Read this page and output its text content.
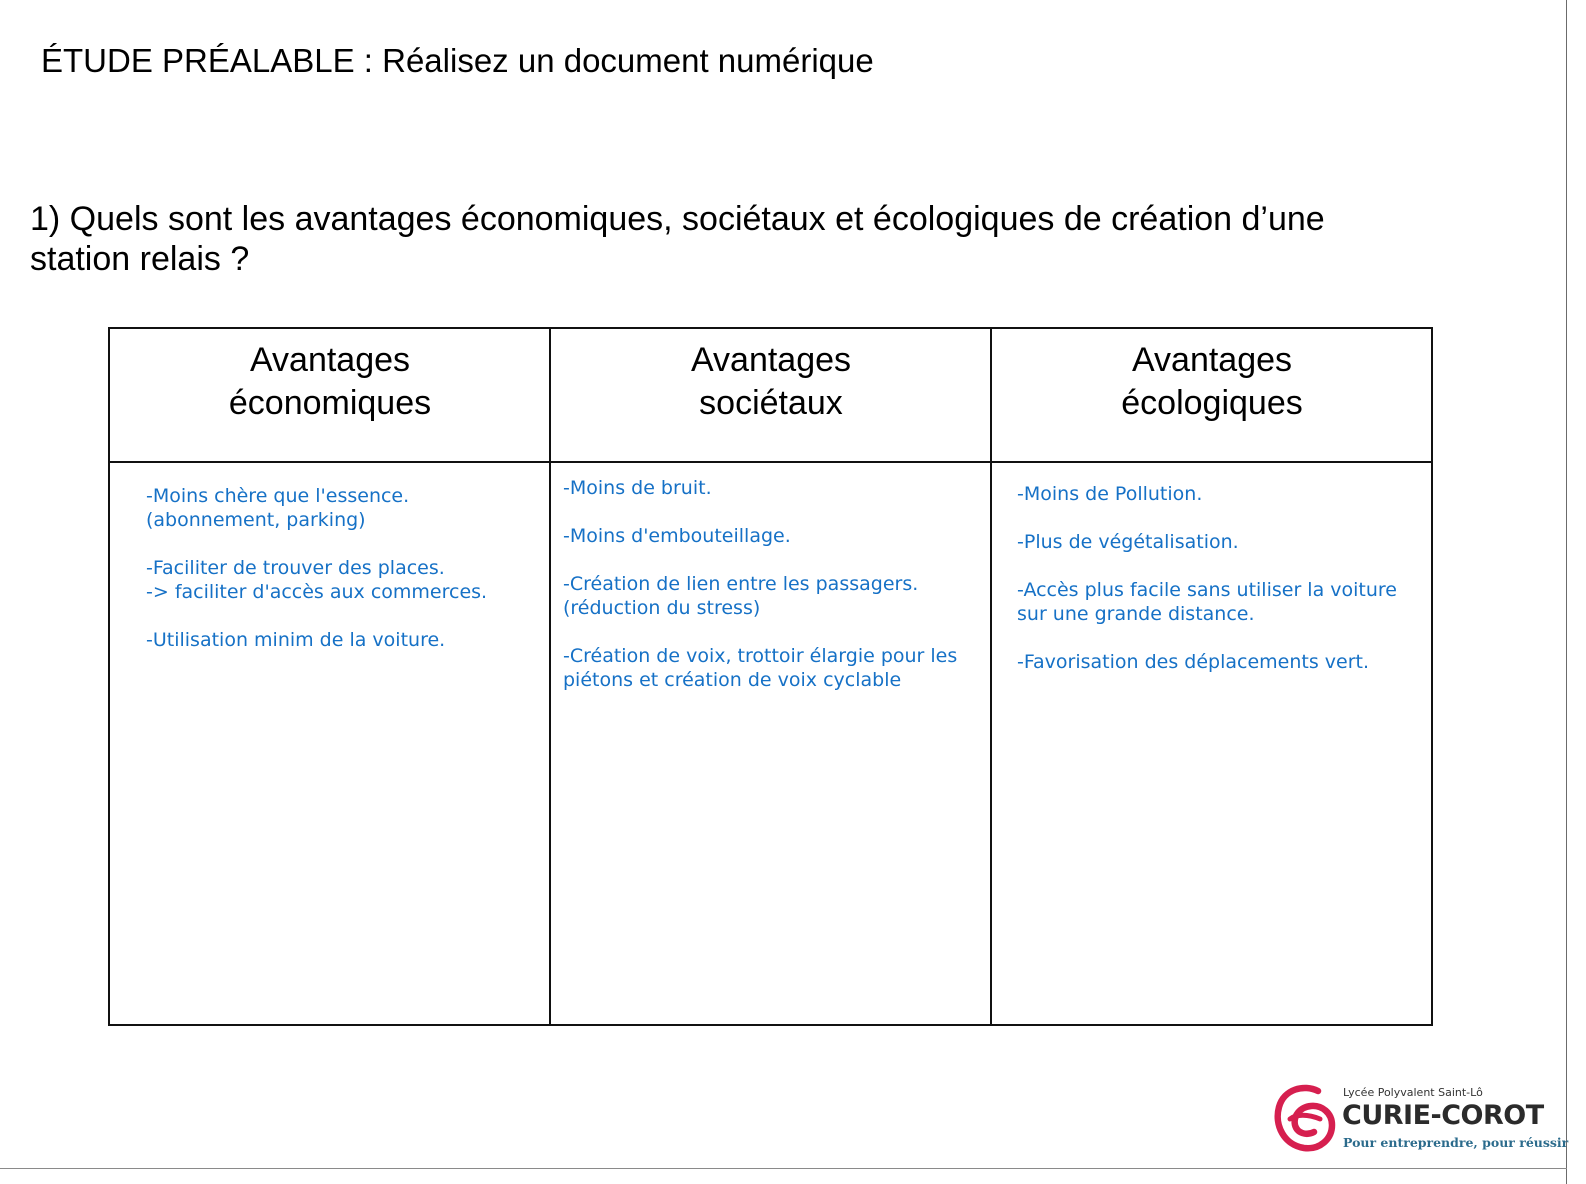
ÉTUDE PRÉALABLE : Réalisez un document numérique
1) Quels sont les avantages économiques, sociétaux et écologiques de création d’une
station relais ?
Avantages
économiques
Avantages
sociétaux
Avantages
écologiques
-Moins chère que l'essence.
(abonnement, parking)
-Faciliter de trouver des places.
-> faciliter d'accès aux commerces.
-Utilisation minim de la voiture.
-Moins de bruit.
-Moins d'embouteillage.
-Création de lien entre les passagers.
(réduction du stress)
-Création de voix, trottoir élargie pour les
piétons et création de voix cyclable
-Moins de Pollution.
-Plus de végétalisation.
-Accès plus facile sans utiliser la voiture
sur une grande distance.
-Favorisation des déplacements vert.
Lycée Polyvalent Saint-Lô
CURIE-COROT
Pour entreprendre, pour réussir
